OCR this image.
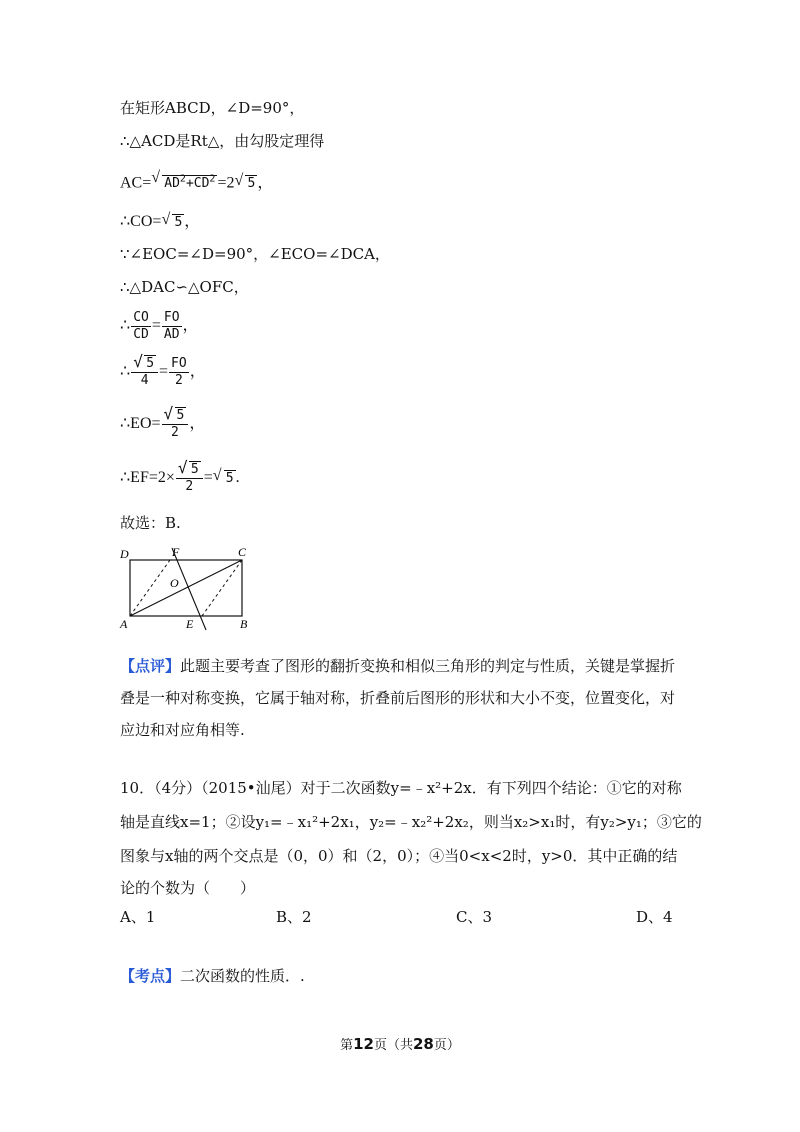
在矩形ABCD，∠D=90°，
∴△ACD是Rt△，由勾股定理得
AC= √ $AD^2+CD^2 =2$ √ 5 ，
∴CO= √ 5 ，
∵∠EOC=∠D=90°，∠ECO=∠DCA，
∴△DAC∽△OFC，
∴ $\frac{CO}{CD} = \frac{FO}{AD}$ ，
∴ $\frac{√ 5}{4} = \frac{FO}{2}$ ，
∴EO= $\frac{√ 5}{2}$ ，
∴EF=2× $\frac{√ 5}{2}$ = √ 5 .
故选：B.
D	F	C
O
A	E	B
【点评】此题主要考查了图形的翻折变换和相似三角形的判定与性质，关键是掌握折叠是一种对称变换，它属于轴对称，折叠前后图形的形状和大小不变，位置变化，对应边和对应角相等.
10．（4分）（2015•汕尾）对于二次函数y=﹣x²+2x．有下列四个结论：①它的对称
轴是直线x=1；②设y₁=﹣x₁²+2x₁，y₂=﹣x₂²+2x₂，则当x₂>x₁时，有y₂>y₁；③它的
图象与x轴的两个交点是（0，0）和（2，0）；④当0<x<2时，y>0．其中正确的结
论的个数为（　　）
A、1	B、2	C、3	D、4
【考点】二次函数的性质．.
第12页（共28页）
